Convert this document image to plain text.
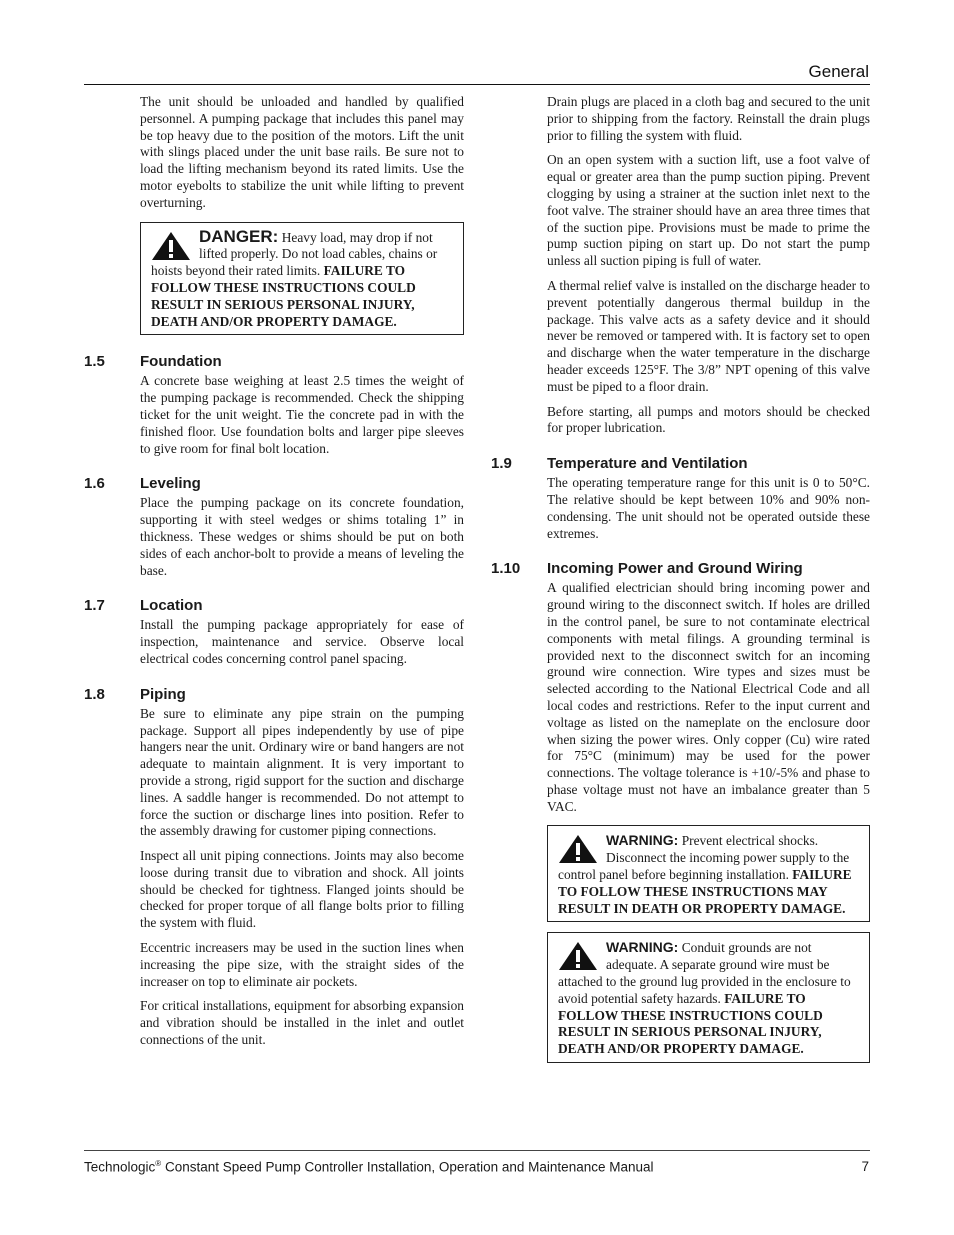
General

The unit should be unloaded and handled by qualified personnel. A pumping package that includes this panel may be top heavy due to the position of the motors. Lift the unit with slings placed under the unit base rails. Be sure not to load the lifting mechanism beyond its rated limits. Use the motor eyebolts to stabilize the unit while lifting to prevent overturning.

DANGER: Heavy load, may drop if not lifted properly. Do not load cables, chains or hoists beyond their rated limits. FAILURE TO FOLLOW THESE INSTRUCTIONS COULD RESULT IN SERIOUS PERSONAL INJURY, DEATH AND/OR PROPERTY DAMAGE.
1.5	Foundation

A concrete base weighing at least 2.5 times the weight of the pumping package is recommended. Check the shipping ticket for the unit weight. Tie the concrete pad in with the finished floor. Use foundation bolts and larger pipe sleeves to give room for final bolt location.

1.6	Leveling

Place the pumping package on its concrete foundation, supporting it with steel wedges or shims totaling 1” in thickness. These wedges or shims should be put on both sides of each anchor-bolt to provide a means of leveling the base.

1.7	Location

Install the pumping package appropriately for ease of inspection, maintenance and service. Observe local electrical codes concerning control panel spacing.

1.8	Piping

Be sure to eliminate any pipe strain on the pumping package. Support all pipes independently by use of pipe hangers near the unit. Ordinary wire or band hangers are not adequate to maintain alignment. It is very important to provide a strong, rigid support for the suction and discharge lines. A saddle hanger is recommended. Do not attempt to force the suction or discharge lines into position. Refer to the assembly drawing for customer piping connections.

Inspect all unit piping connections. Joints may also become loose during transit due to vibration and shock. All joints should be checked for tightness. Flanged joints should be checked for proper torque of all flange bolts prior to filling the system with fluid.

Eccentric increasers may be used in the suction lines when increasing the pipe size, with the straight sides of the increaser on top to eliminate air pockets.

For critical installations, equipment for absorbing expansion and vibration should be installed in the inlet and outlet connections of the unit.

Drain plugs are placed in a cloth bag and secured to the unit prior to shipping from the factory. Reinstall the drain plugs prior to filling the system with fluid.

On an open system with a suction lift, use a foot valve of equal or greater area than the pump suction piping. Prevent clogging by using a strainer at the suction inlet next to the foot valve. The strainer should have an area three times that of the suction pipe. Provisions must be made to prime the pump suction piping on start up. Do not start the pump unless all suction piping is full of water.

A thermal relief valve is installed on the discharge header to prevent potentially dangerous thermal buildup in the package. This valve acts as a safety device and it should never be removed or tampered with. It is factory set to open and discharge when the water temperature in the discharge header exceeds 125°F. The 3/8” NPT opening of this valve must be piped to a floor drain.

Before starting, all pumps and motors should be checked for proper lubrication.

1.9	Temperature and Ventilation

The operating temperature range for this unit is 0 to 50°C. The relative should be kept between 10% and 90% non-condensing. The unit should not be operated outside these extremes.

1.10	Incoming Power and Ground Wiring

A qualified electrician should bring incoming power and ground wiring to the disconnect switch. If holes are drilled in the control panel, be sure to not contaminate electrical components with metal filings. A grounding terminal is provided next to the disconnect switch for an incoming ground wire connection. Wire types and sizes must be selected according to the National Electrical Code and all local codes and restrictions. Refer to the input current and voltage as listed on the nameplate on the enclosure door when sizing the power wires. Only copper (Cu) wire rated for 75°C (minimum) may be used for the power connections. The voltage tolerance is +10/-5% and phase to phase voltage must not have an imbalance greater than 5 VAC.

WARNING: Prevent electrical shocks. Disconnect the incoming power supply to the control panel before beginning installation. FAILURE TO FOLLOW THESE INSTRUCTIONS MAY RESULT IN DEATH OR PROPERTY DAMAGE.
WARNING: Conduit grounds are not adequate. A separate ground wire must be attached to the ground lug provided in the enclosure to avoid potential safety hazards. FAILURE TO FOLLOW THESE INSTRUCTIONS COULD RESULT IN SERIOUS PERSONAL INJURY, DEATH AND/OR PROPERTY DAMAGE.
Technologic® Constant Speed Pump Controller Installation, Operation and Maintenance Manual	7
